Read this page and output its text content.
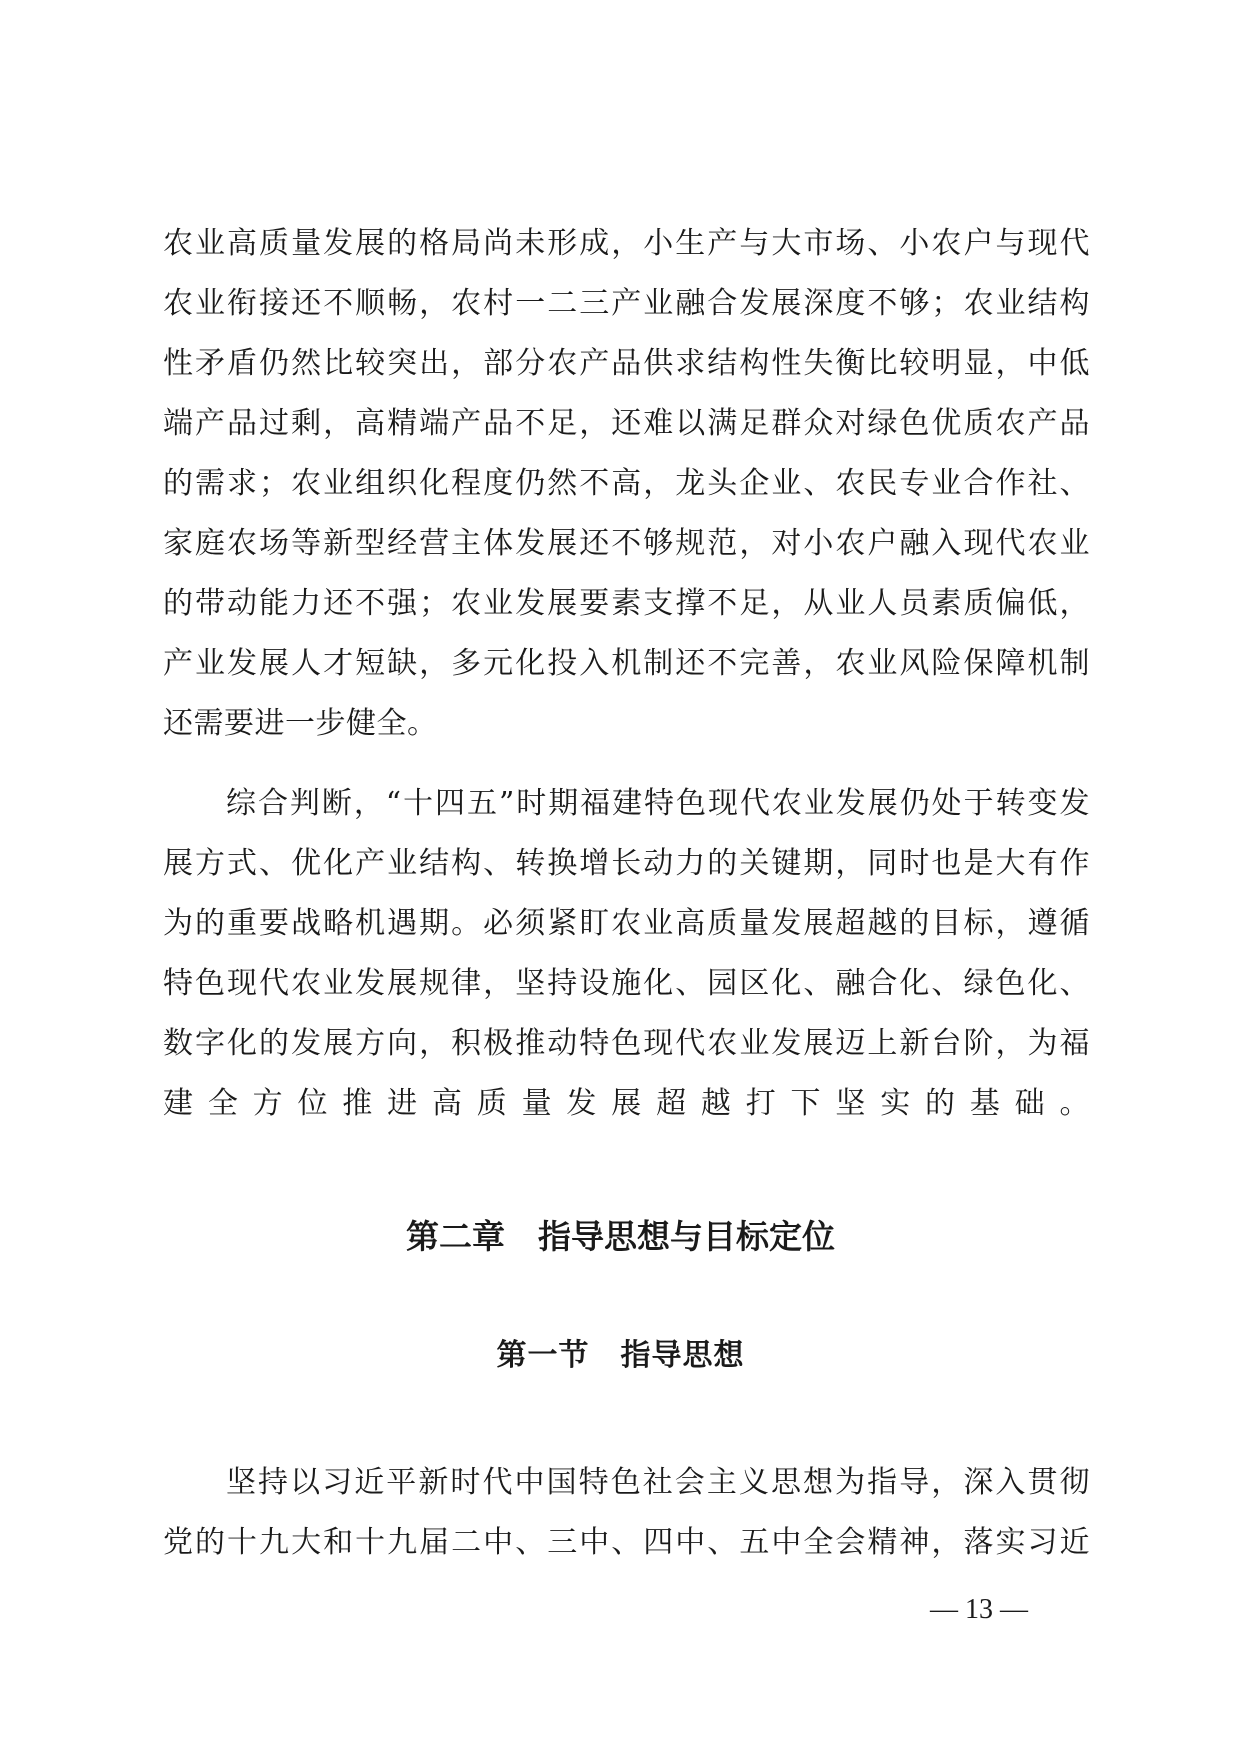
农业高质量发展的格局尚未形成，小生产与大市场、小农户与现代
农业衔接还不顺畅，农村一二三产业融合发展深度不够；农业结构
性矛盾仍然比较突出，部分农产品供求结构性失衡比较明显，中低
端产品过剩，高精端产品不足，还难以满足群众对绿色优质农产品
的需求；农业组织化程度仍然不高，龙头企业、农民专业合作社、
家庭农场等新型经营主体发展还不够规范，对小农户融入现代农业
的带动能力还不强；农业发展要素支撑不足，从业人员素质偏低，
产业发展人才短缺，多元化投入机制还不完善，农业风险保障机制
还需要进一步健全。
综合判断，“十四五”时期福建特色现代农业发展仍处于转变发
展方式、优化产业结构、转换增长动力的关键期，同时也是大有作
为的重要战略机遇期。必须紧盯农业高质量发展超越的目标，遵循
特色现代农业发展规律，坚持设施化、园区化、融合化、绿色化、
数字化的发展方向，积极推动特色现代农业发展迈上新台阶，为福
建全方位推进高质量发展超越打下坚实的基础。
第二章　指导思想与目标定位
第一节　指导思想
坚持以习近平新时代中国特色社会主义思想为指导，深入贯彻
党的十九大和十九届二中、三中、四中、五中全会精神，落实习近
— 13 —
